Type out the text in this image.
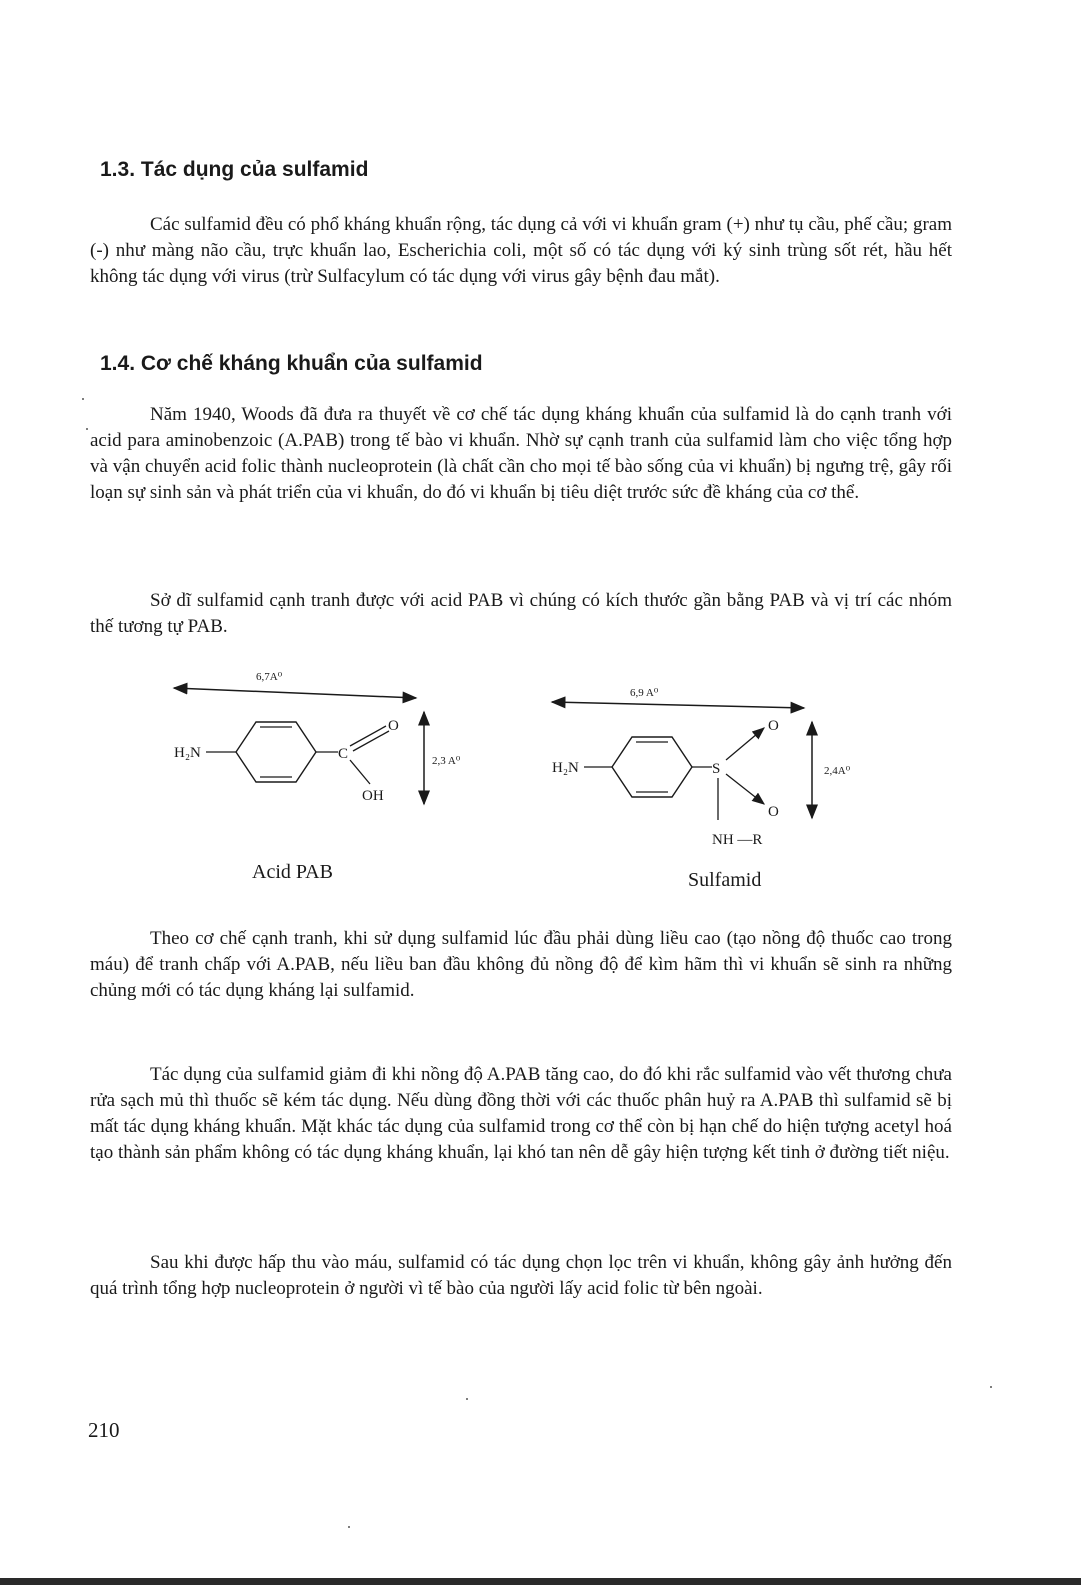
1.3. Tác dụng của sulfamid

Các sulfamid đều có phổ kháng khuẩn rộng, tác dụng cả với vi khuẩn gram (+) như tụ cầu, phế cầu; gram (-) như màng não cầu, trực khuẩn lao, Escherichia coli, một số có tác dụng với ký sinh trùng sốt rét, hầu hết không tác dụng với virus (trừ Sulfacylum có tác dụng với virus gây bệnh đau mắt).

1.4. Cơ chế kháng khuẩn của sulfamid

Năm 1940, Woods đã đưa ra thuyết về cơ chế tác dụng kháng khuẩn của sulfamid là do cạnh tranh với acid para aminobenzoic (A.PAB) trong tế bào vi khuẩn. Nhờ sự cạnh tranh của sulfamid làm cho việc tổng hợp và vận chuyển acid folic thành nucleoprotein (là chất cần cho mọi tế bào sống của vi khuẩn) bị ngưng trệ, gây rối loạn sự sinh sản và phát triển của vi khuẩn, do đó vi khuẩn bị tiêu diệt trước sức đề kháng của cơ thể.

Sở dĩ sulfamid cạnh tranh được với acid PAB vì chúng có kích thước gần bằng PAB và vị trí các nhóm thế tương tự PAB.

6,7A⁰
H₂N	C
O
OH
2,3 A⁰
Acid PAB
6,9 A⁰
H₂N	S
O
O
NH —R
2,4A⁰
Sulfamid

Theo cơ chế cạnh tranh, khi sử dụng sulfamid lúc đầu phải dùng liều cao (tạo nồng độ thuốc cao trong máu) để tranh chấp với A.PAB, nếu liều ban đầu không đủ nồng độ để kìm hãm thì vi khuẩn sẽ sinh ra những chủng mới có tác dụng kháng lại sulfamid.

Tác dụng của sulfamid giảm đi khi nồng độ A.PAB tăng cao, do đó khi rắc sulfamid vào vết thương chưa rửa sạch mủ thì thuốc sẽ kém tác dụng. Nếu dùng đồng thời với các thuốc phân huỷ ra A.PAB thì sulfamid sẽ bị mất tác dụng kháng khuẩn. Mặt khác tác dụng của sulfamid trong cơ thể còn bị hạn chế do hiện tượng acetyl hoá tạo thành sản phẩm không có tác dụng kháng khuẩn, lại khó tan nên dễ gây hiện tượng kết tinh ở đường tiết niệu.

Sau khi được hấp thu vào máu, sulfamid có tác dụng chọn lọc trên vi khuẩn, không gây ảnh hưởng đến quá trình tổng hợp nucleoprotein ở người vì tế bào của người lấy acid folic từ bên ngoài.

210
